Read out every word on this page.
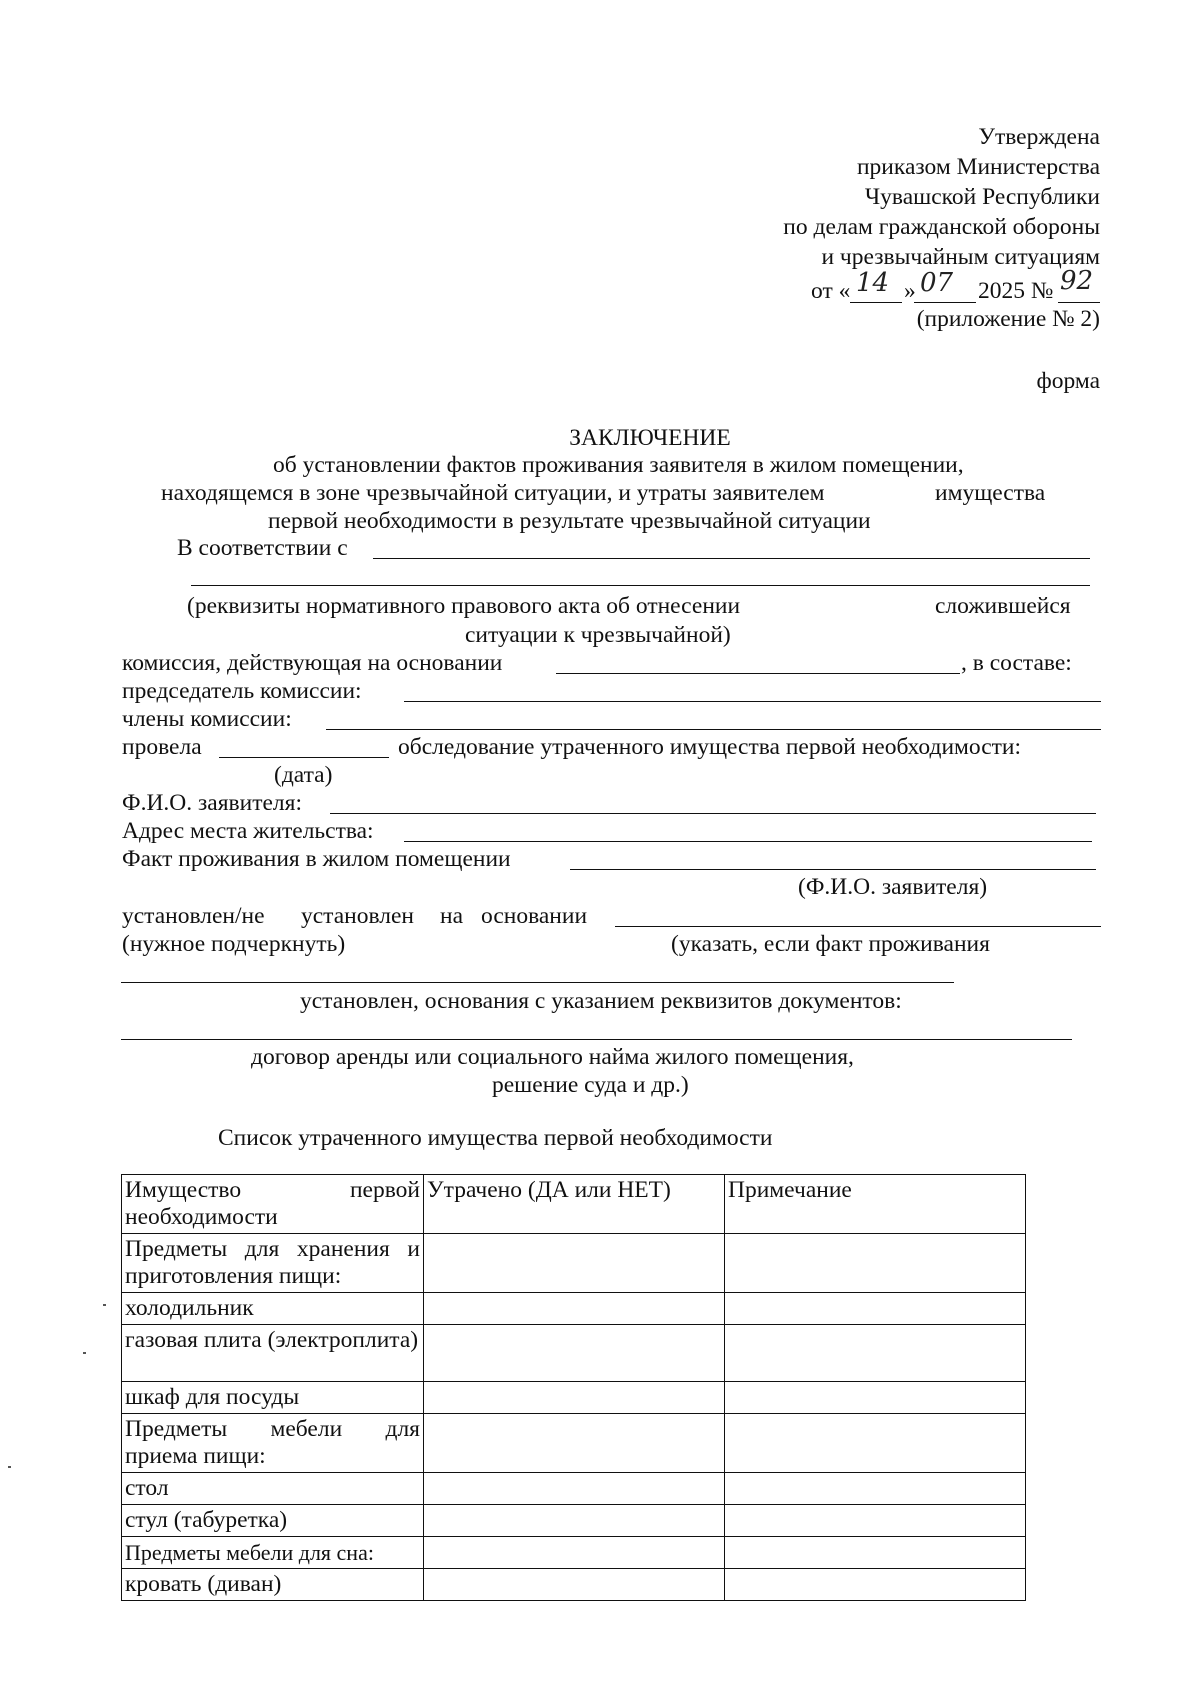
Утверждена
приказом Министерства
Чувашской Республики
по делам гражданской обороны
и чрезвычайным ситуациям
от « 14 » 07 2025 № 92
(приложение № 2)
форма
ЗАКЛЮЧЕНИЕ
об установлении фактов проживания заявителя в жилом помещении,
находящемся в зоне чрезвычайной ситуации, и утраты заявителем	имущества
первой необходимости в результате чрезвычайной ситуации
В соответствии с
(реквизиты нормативного правового акта об отнесении	сложившейся
ситуации к чрезвычайной)
комиссия, действующая на основании	, в составе:
председатель комиссии:
члены комиссии:
провела	обследование утраченного имущества первой необходимости:
(дата)
Ф.И.О. заявителя:
Адрес места жительства:
Факт проживания в жилом помещении
(Ф.И.О. заявителя)
установлен/не установлен на основании
(нужное подчеркнуть)	(указать, если факт проживания
установлен, основания с указанием реквизитов документов:
договор аренды или социального найма жилого помещения,
решение суда и др.)
Список утраченного имущества первой необходимости
Имущество первой необходимости	Утрачено (ДА или НЕТ)	Примечание
Предметы для хранения и приготовления пищи:		
холодильник		
газовая плита (электроплита)		
шкаф для посуды		
Предметы мебели для приема пищи:		
стол		
стул (табуретка)		
Предметы мебели для сна:		
кровать (диван)		
